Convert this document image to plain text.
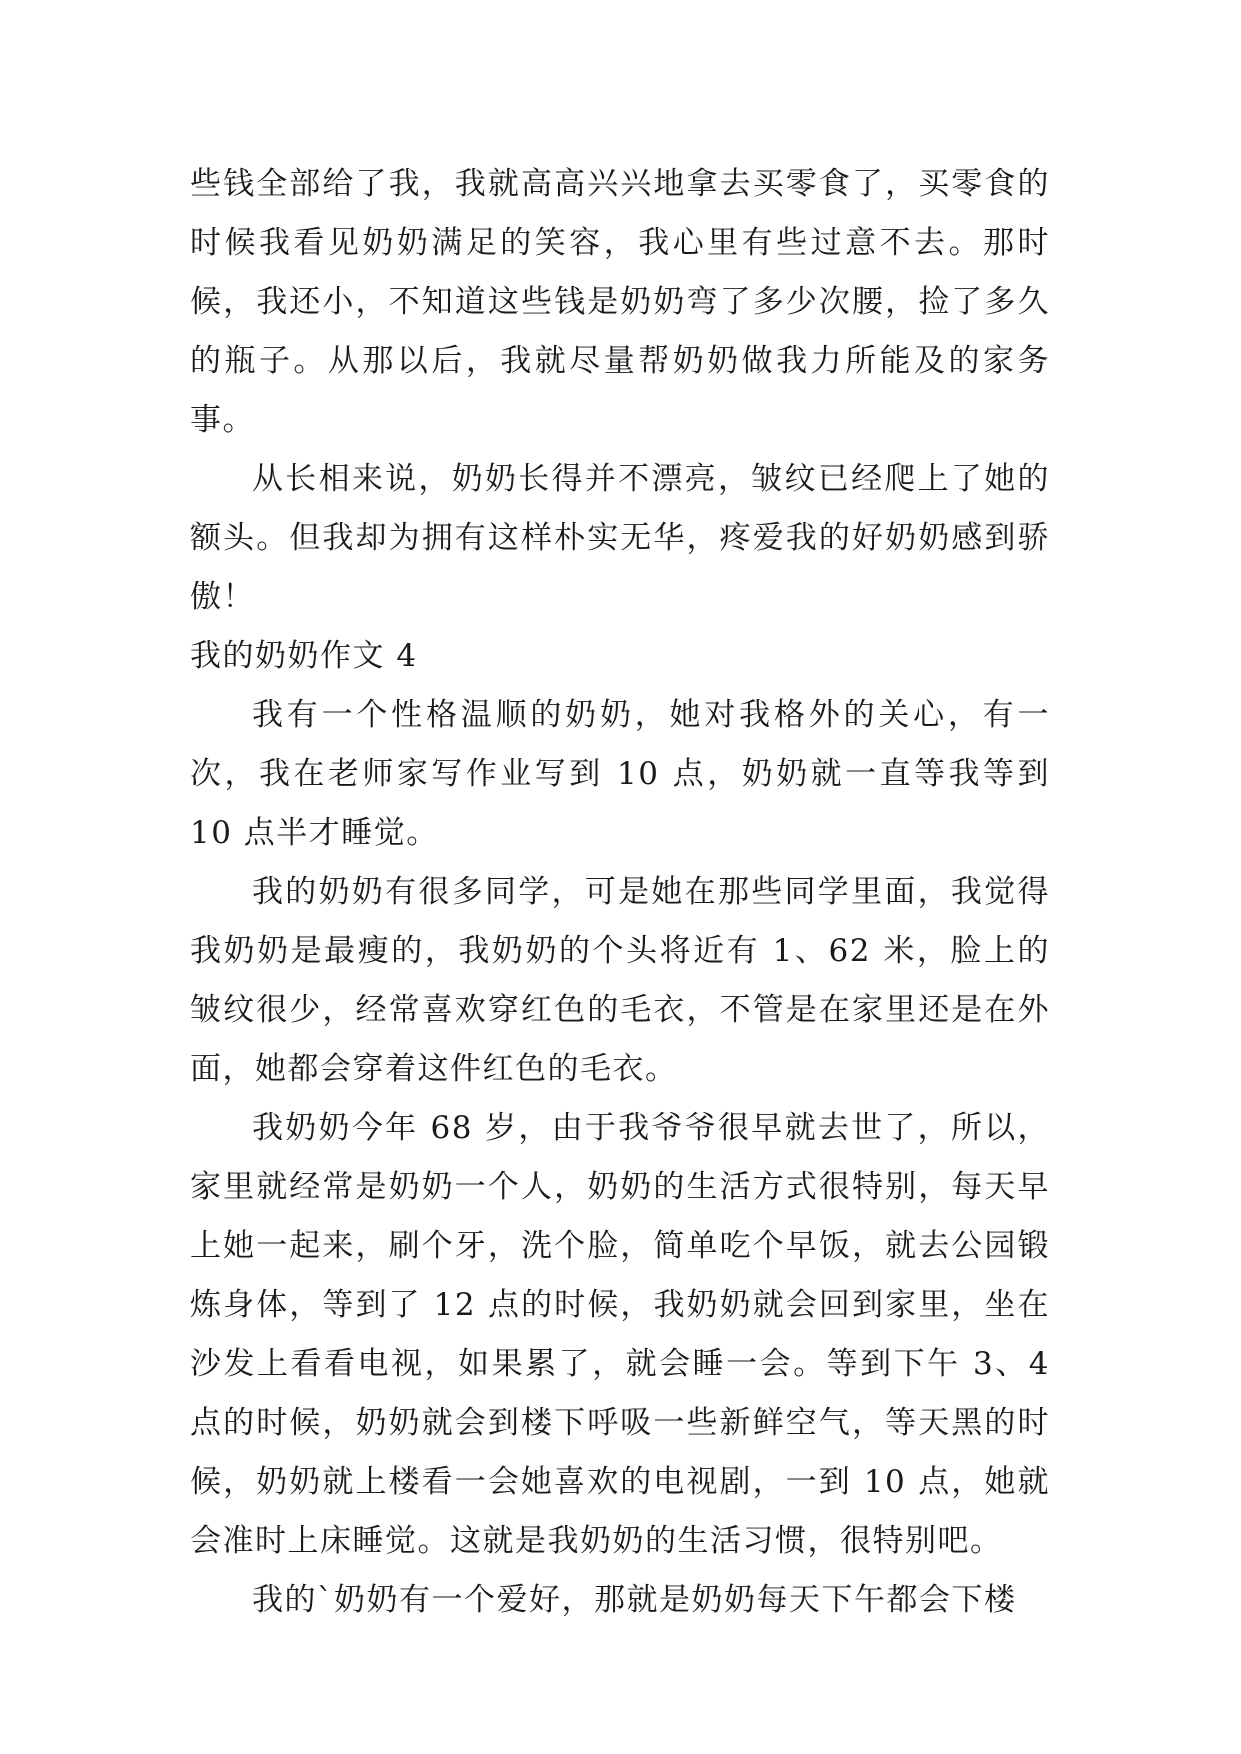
些钱全部给了我，我就高高兴兴地拿去买零食了，买零食的时候我看见奶奶满足的笑容，我心里有些过意不去。那时候，我还小，不知道这些钱是奶奶弯了多少次腰，捡了多久的瓶子。从那以后，我就尽量帮奶奶做我力所能及的家务事。

从长相来说，奶奶长得并不漂亮，皱纹已经爬上了她的额头。但我却为拥有这样朴实无华，疼爱我的好奶奶感到骄傲！

我的奶奶作文 4

我有一个性格温顺的奶奶，她对我格外的关心，有一次，我在老师家写作业写到 10 点，奶奶就一直等我等到 10 点半才睡觉。

我的奶奶有很多同学，可是她在那些同学里面，我觉得我奶奶是最瘦的，我奶奶的个头将近有 1、62 米，脸上的皱纹很少，经常喜欢穿红色的毛衣，不管是在家里还是在外面，她都会穿着这件红色的毛衣。

我奶奶今年 68 岁，由于我爷爷很早就去世了，所以，家里就经常是奶奶一个人，奶奶的生活方式很特别，每天早上她一起来，刷个牙，洗个脸，简单吃个早饭，就去公园锻炼身体，等到了 12 点的时候，我奶奶就会回到家里，坐在沙发上看看电视，如果累了，就会睡一会。等到下午 3、4 点的时候，奶奶就会到楼下呼吸一些新鲜空气，等天黑的时候，奶奶就上楼看一会她喜欢的电视剧，一到 10 点，她就会准时上床睡觉。这就是我奶奶的生活习惯，很特别吧。

我的`奶奶有一个爱好，那就是奶奶每天下午都会下楼
